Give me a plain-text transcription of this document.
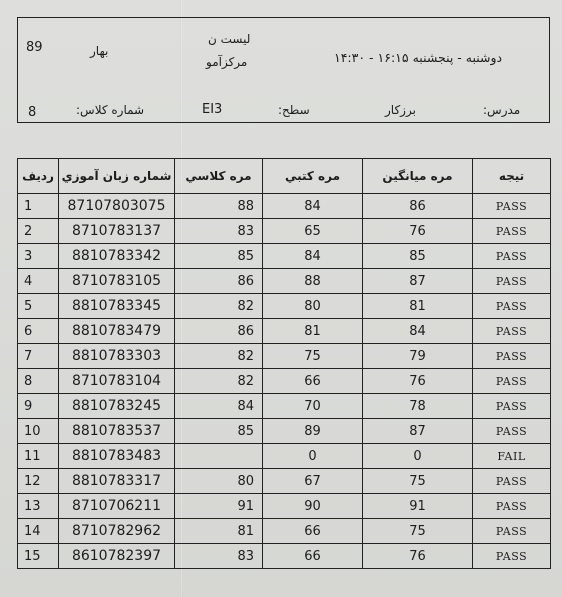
89	بهار
لیست ن
مرکزآمو	دوشنبه - پنجشنبه ۱۶:۱۵ - ۱۴:۳۰
8	شماره کلاس:	EI3	سطح:	برزکار	مدرس:
تيجه	مره ميانگين	مره کتبي	مره کلاسي	شماره زبان آموزي	ردیف
PASS	86	84	88	87107803075	1
PASS	76	65	83	8710783137	2
PASS	85	84	85	8810783342	3
PASS	87	88	86	8710783105	4
PASS	81	80	82	8810783345	5
PASS	84	81	86	8810783479	6
PASS	79	75	82	8810783303	7
PASS	76	66	82	8710783104	8
PASS	78	70	84	8810783245	9
PASS	87	89	85	8810783537	10
FAIL	0	0		8810783483	11
PASS	75	67	80	8810783317	12
PASS	91	90	91	8710706211	13
PASS	75	66	81	8710782962	14
PASS	76	66	83	8610782397	15
